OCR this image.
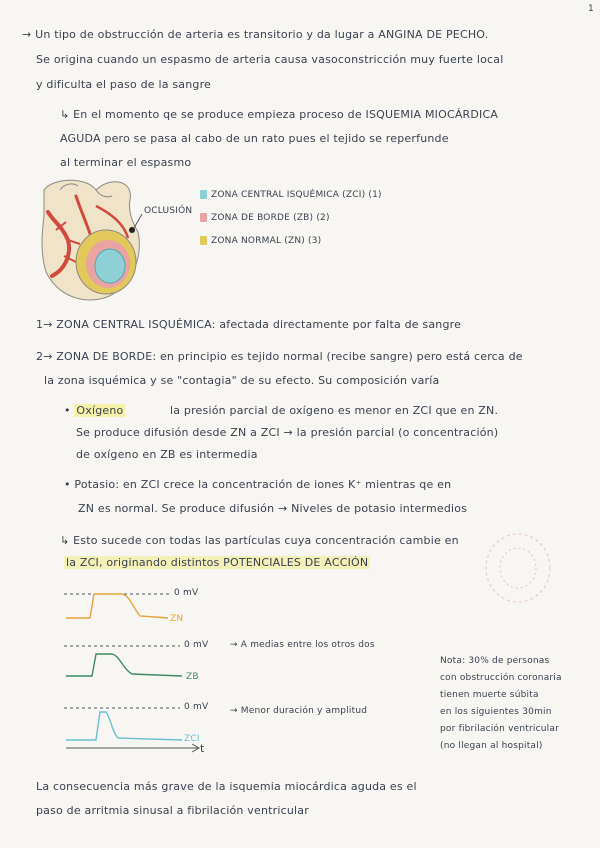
1
→ Un tipo de obstrucción de arteria es transitorio y da lugar a ANGINA DE PECHO.
Se origina cuando un espasmo de arteria causa vasoconstricción muy fuerte local
y dificulta el paso de la sangre
↳ En el momento qe se produce empieza proceso de ISQUEMIA MIOCÁRDICA
AGUDA pero se pasa al cabo de un rato pues el tejido se reperfunde
al terminar el espasmo
OCLUSIÓN
ZONA CENTRAL ISQUÉMICA (ZCI) (1)
ZONA DE BORDE (ZB) (2)
ZONA NORMAL (ZN) (3)
1→ ZONA CENTRAL ISQUÉMICA: afectada directamente por falta de sangre
2→ ZONA DE BORDE: en principio es tejido normal (recibe sangre) pero está cerca de
la zona isquémica y se "contagia" de su efecto. Su composición varía
• Oxígeno	la presión parcial de oxígeno es menor en ZCI que en ZN.
Se produce difusión desde ZN a ZCI → la presión parcial (o concentración)
de oxígeno en ZB es intermedia
• Potasio: en ZCI crece la concentración de iones K⁺ mientras qe en
ZN es normal. Se produce difusión → Niveles de potasio intermedios
↳ Esto sucede con todas las partículas cuya concentración cambie en
la ZCI, originando distintos POTENCIALES DE ACCIÓN
0 mV
ZN
0 mV → A medias entre los otros dos
ZB
0 mV → Menor duración y amplitud
ZCI
t
Nota: 30% de personas
con obstrucción coronaria
tienen muerte súbita
en los siguientes 30min
por fibrilación ventricular
(no llegan al hospital)
La consecuencia más grave de la isquemia miocárdica aguda es el
paso de arritmia sinusal a fibrilación ventricular
